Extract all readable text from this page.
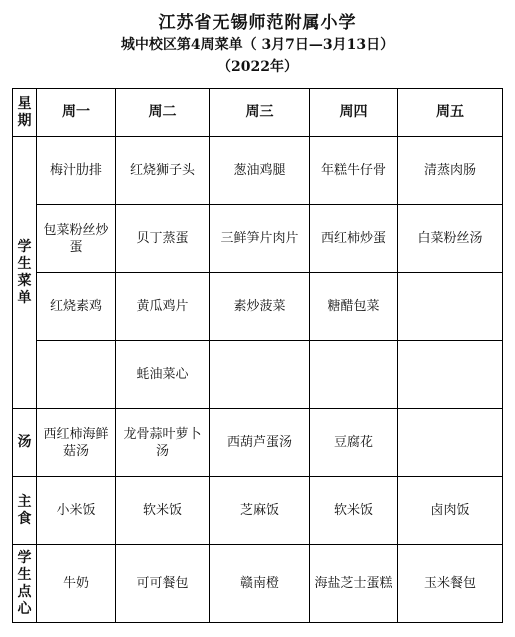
江苏省无锡师范附属小学
城中校区第4周菜单（ 3月7日—3月13日）
（2022年）
星期	周一	周二	周三	周四	周五
学生菜单	梅汁肋排	红烧狮子头	葱油鸡腿	年糕牛仔骨	清蒸肉肠
	包菜粉丝炒蛋	贝丁蒸蛋	三鲜笋片肉片	西红柿炒蛋	白菜粉丝汤
	红烧素鸡	黄瓜鸡片	素炒菠菜	糖醋包菜	
		蚝油菜心			
汤	西红柿海鲜菇汤	龙骨蒜叶萝卜汤	西葫芦蛋汤	豆腐花	
主食	小米饭	软米饭	芝麻饭	软米饭	卤肉饭
学生点心	牛奶	可可餐包	赣南橙	海盐芝士蛋糕	玉米餐包
